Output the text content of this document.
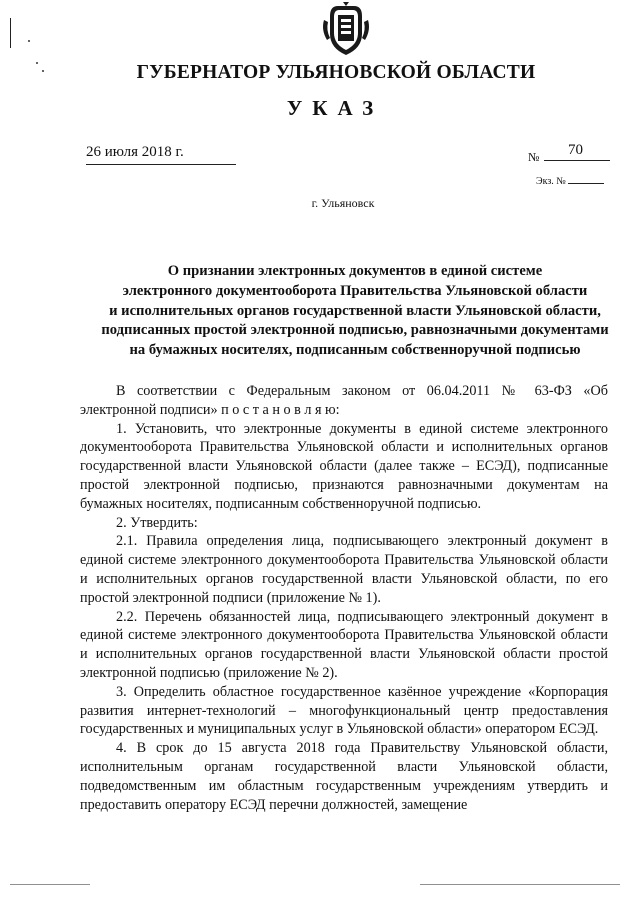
ГУБЕРНАТОР УЛЬЯНОВСКОЙ ОБЛАСТИ
УКАЗ
26 июля 2018 г.	№ 70
Экз. №
г. Ульяновск
О признании электронных документов в единой системе
электронного документооборота Правительства Ульяновской области
и исполнительных органов государственной власти Ульяновской области,
подписанных простой электронной подписью, равнозначными документами
на бумажных носителях, подписанным собственноручной подписью
В соответствии с Федеральным законом от 06.04.2011 № 63-ФЗ «Об электронной подписи» п о с т а н о в л я ю:
1. Установить, что электронные документы в единой системе электронного документооборота Правительства Ульяновской области и исполнительных органов государственной власти Ульяновской области (далее также – ЕСЭД), подписанные простой электронной подписью, признаются равнозначными документам на бумажных носителях, подписанным собственноручной подписью.
2. Утвердить:
2.1. Правила определения лица, подписывающего электронный документ в единой системе электронного документооборота Правительства Ульяновской области и исполнительных органов государственной власти Ульяновской области, по его простой электронной подписи (приложение № 1).
2.2. Перечень обязанностей лица, подписывающего электронный документ в единой системе электронного документооборота Правительства Ульяновской области и исполнительных органов государственной власти Ульяновской области простой электронной подписью (приложение № 2).
3. Определить областное государственное казённое учреждение «Корпорация развития интернет-технологий – многофункциональный центр предоставления государственных и муниципальных услуг в Ульяновской области» оператором ЕСЭД.
4. В срок до 15 августа 2018 года Правительству Ульяновской области, исполнительным органам государственной власти Ульяновской области, подведомственным им областным государственным учреждениям утвердить и предоставить оператору ЕСЭД перечни должностей, замещение
